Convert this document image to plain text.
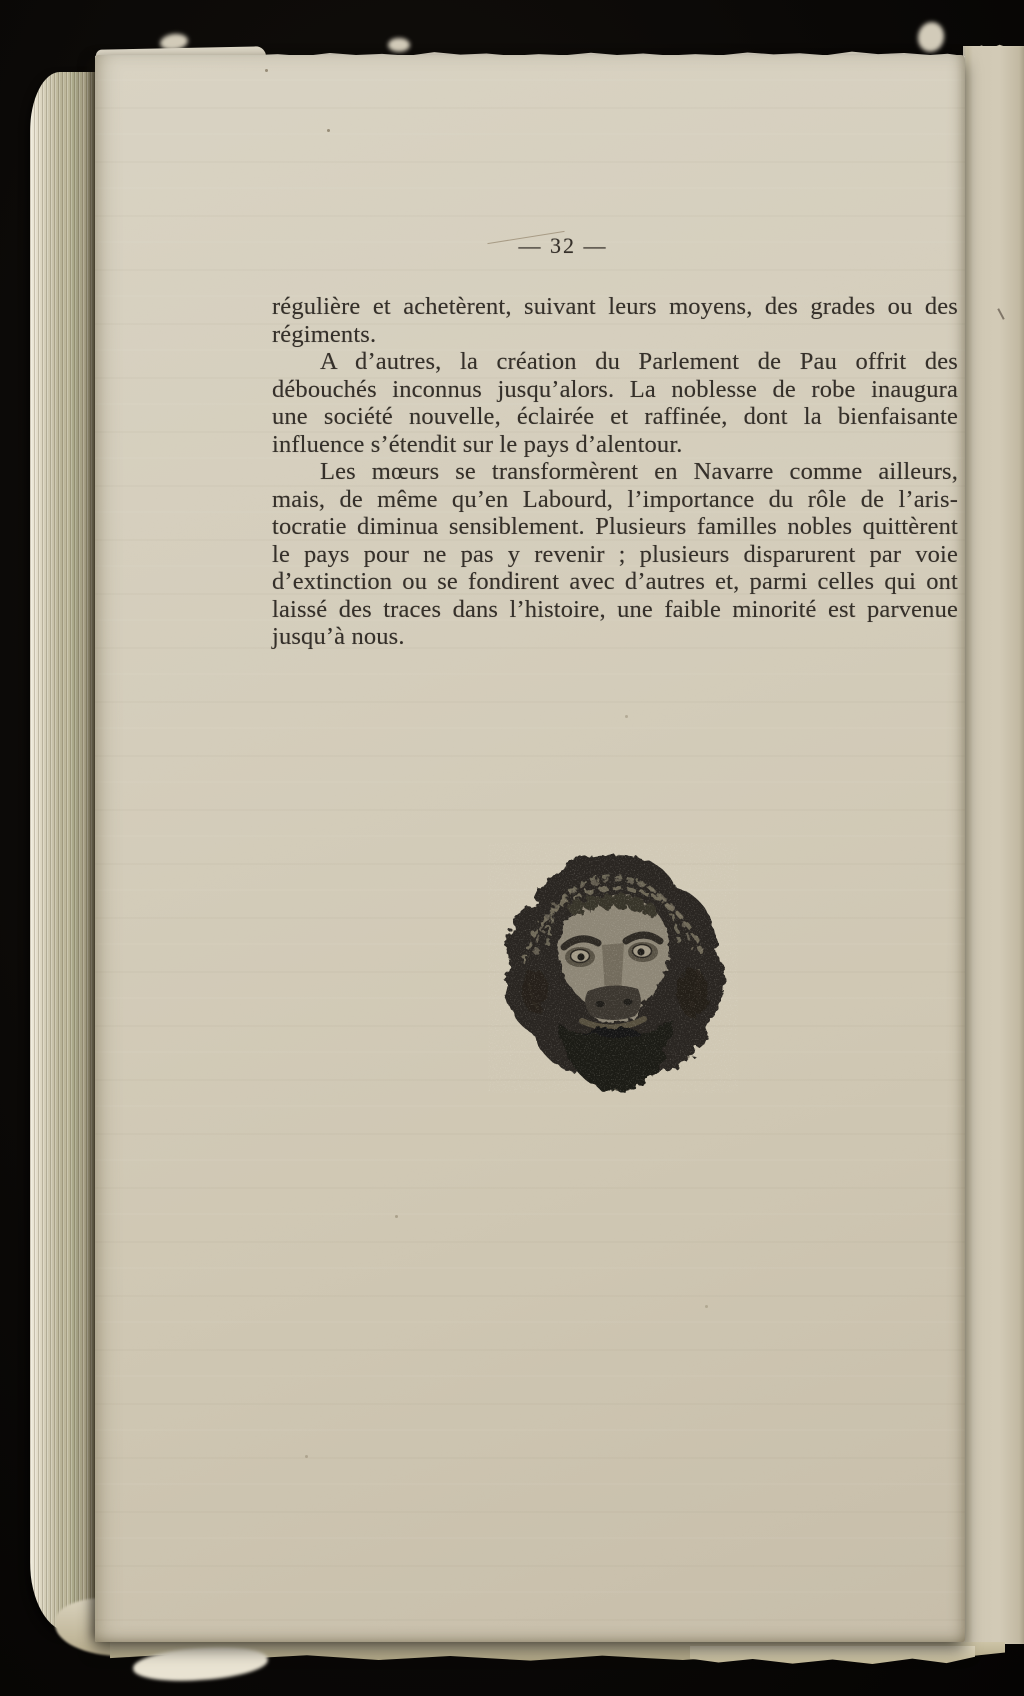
— 32 —
régulière et achetèrent, suivant leurs moyens, des grades ou des
régiments.
A d’autres, la création du Parlement de Pau offrit des
débouchés inconnus jusqu’alors. La noblesse de robe inaugura
une société nouvelle, éclairée et raffinée, dont la bienfaisante
influence s’étendit sur le pays d’alentour.
Les mœurs se transformèrent en Navarre comme ailleurs,
mais, de même qu’en Labourd, l’importance du rôle de l’aris-
tocratie diminua sensiblement. Plusieurs familles nobles quittèrent
le pays pour ne pas y revenir ; plusieurs disparurent par voie
d’extinction ou se fondirent avec d’autres et, parmi celles qui ont
laissé des traces dans l’histoire, une faible minorité est parvenue
jusqu’à nous.
